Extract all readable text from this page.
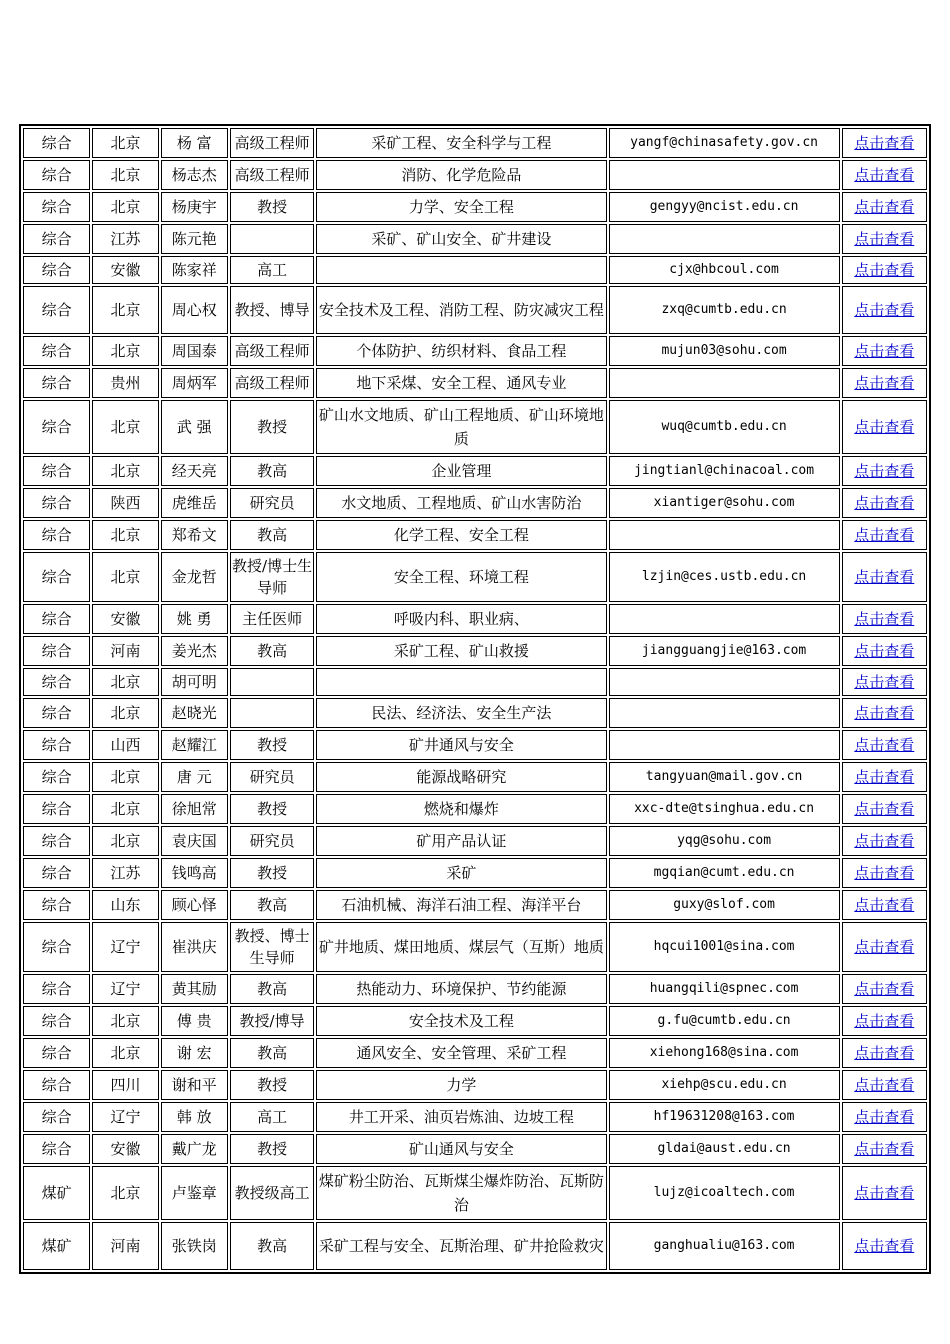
综合	北京	杨 富	高级工程师	采矿工程、安全科学与工程	yangf@chinasafety.gov.cn	点击查看
综合	北京	杨志杰	高级工程师	消防、化学危险品		点击查看
综合	北京	杨庚宇	教授	力学、安全工程	gengyy@ncist.edu.cn	点击查看
综合	江苏	陈元艳		采矿、矿山安全、矿井建设		点击查看
综合	安徽	陈家祥	高工		cjx@hbcoul.com	点击查看
综合	北京	周心权	教授、博导	安全技术及工程、消防工程、防灾减灾工程	zxq@cumtb.edu.cn	点击查看
综合	北京	周国泰	高级工程师	个体防护、纺织材料、食品工程	mujun03@sohu.com	点击查看
综合	贵州	周炳军	高级工程师	地下采煤、安全工程、通风专业		点击查看
综合	北京	武 强	教授	矿山水文地质、矿山工程地质、矿山环境地质	wuq@cumtb.edu.cn	点击查看
综合	北京	经天亮	教高	企业管理	jingtianl@chinacoal.com	点击查看
综合	陕西	虎维岳	研究员	水文地质、工程地质、矿山水害防治	xiantiger@sohu.com	点击查看
综合	北京	郑希文	教高	化学工程、安全工程		点击查看
综合	北京	金龙哲	教授/博士生导师	安全工程、环境工程	lzjin@ces.ustb.edu.cn	点击查看
综合	安徽	姚 勇	主任医师	呼吸内科、职业病、		点击查看
综合	河南	姜光杰	教高	采矿工程、矿山救援	jiangguangjie@163.com	点击查看
综合	北京	胡可明				点击查看
综合	北京	赵晓光		民法、经济法、安全生产法		点击查看
综合	山西	赵耀江	教授	矿井通风与安全		点击查看
综合	北京	唐 元	研究员	能源战略研究	tangyuan@mail.gov.cn	点击查看
综合	北京	徐旭常	教授	燃烧和爆炸	xxc-dte@tsinghua.edu.cn	点击查看
综合	北京	袁庆国	研究员	矿用产品认证	yqg@sohu.com	点击查看
综合	江苏	钱鸣高	教授	采矿	mgqian@cumt.edu.cn	点击查看
综合	山东	顾心怿	教高	石油机械、海洋石油工程、海洋平台	guxy@slof.com	点击查看
综合	辽宁	崔洪庆	教授、博士生导师	矿井地质、煤田地质、煤层气（互斯）地质	hqcui1001@sina.com	点击查看
综合	辽宁	黄其励	教高	热能动力、环境保护、节约能源	huangqili@spnec.com	点击查看
综合	北京	傅 贵	教授/博导	安全技术及工程	g.fu@cumtb.edu.cn	点击查看
综合	北京	谢 宏	教高	通风安全、安全管理、采矿工程	xiehong168@sina.com	点击查看
综合	四川	谢和平	教授	力学	xiehp@scu.edu.cn	点击查看
综合	辽宁	韩 放	高工	井工开采、油页岩炼油、边坡工程	hf19631208@163.com	点击查看
综合	安徽	戴广龙	教授	矿山通风与安全	gldai@aust.edu.cn	点击查看
煤矿	北京	卢鉴章	教授级高工	煤矿粉尘防治、瓦斯煤尘爆炸防治、瓦斯防治	lujz@icoaltech.com	点击查看
煤矿	河南	张铁岗	教高	采矿工程与安全、瓦斯治理、矿井抢险救灾	ganghualiu@163.com	点击查看
